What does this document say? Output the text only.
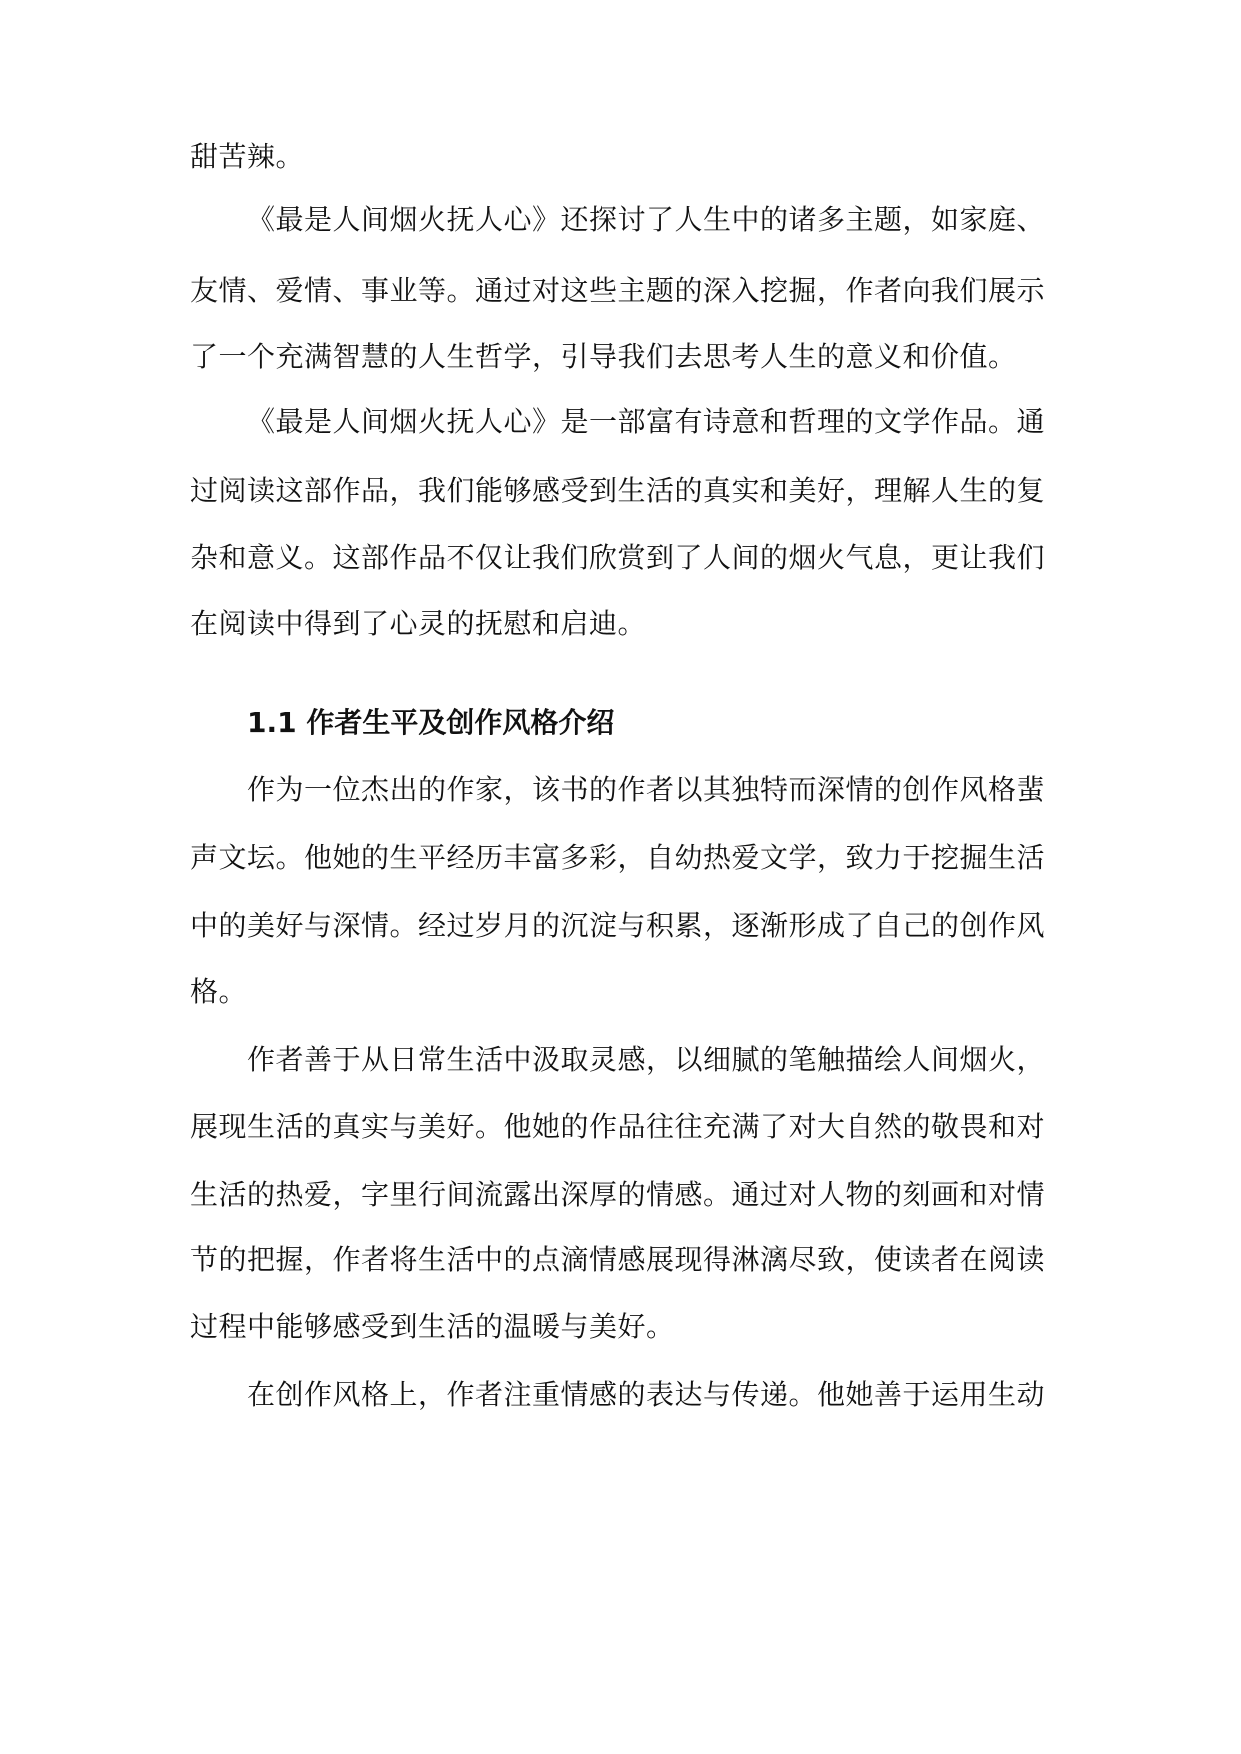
甜苦辣。
《最是人间烟火抚人心》还探讨了人生中的诸多主题，如家庭、
友情、爱情、事业等。通过对这些主题的深入挖掘，作者向我们展示
了一个充满智慧的人生哲学，引导我们去思考人生的意义和价值。
《最是人间烟火抚人心》是一部富有诗意和哲理的文学作品。通
过阅读这部作品，我们能够感受到生活的真实和美好，理解人生的复
杂和意义。这部作品不仅让我们欣赏到了人间的烟火气息，更让我们
在阅读中得到了心灵的抚慰和启迪。
1.1 作者生平及创作风格介绍
作为一位杰出的作家，该书的作者以其独特而深情的创作风格蜚
声文坛。他她的生平经历丰富多彩，自幼热爱文学，致力于挖掘生活
中的美好与深情。经过岁月的沉淀与积累，逐渐形成了自己的创作风
格。
作者善于从日常生活中汲取灵感，以细腻的笔触描绘人间烟火，
展现生活的真实与美好。他她的作品往往充满了对大自然的敬畏和对
生活的热爱，字里行间流露出深厚的情感。通过对人物的刻画和对情
节的把握，作者将生活中的点滴情感展现得淋漓尽致，使读者在阅读
过程中能够感受到生活的温暖与美好。
在创作风格上，作者注重情感的表达与传递。他她善于运用生动
